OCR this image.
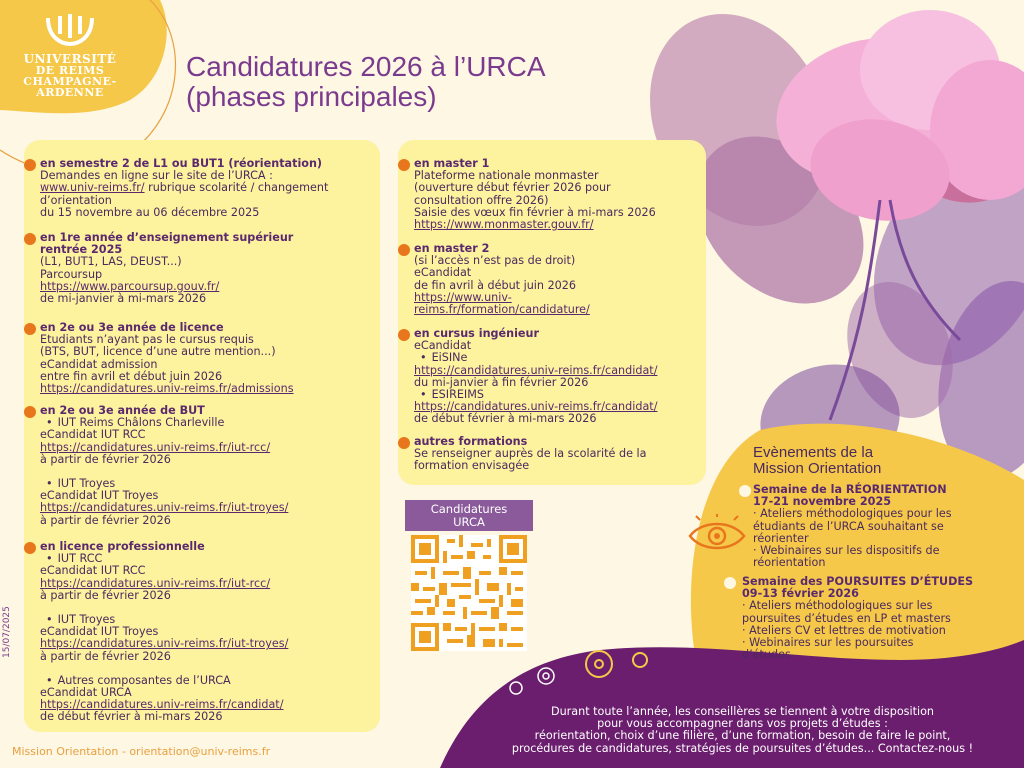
UNIVERSITÉ
DE REIMS
CHAMPAGNE-ARDENNE
Candidatures 2026 à l’URCA
(phases principales)
en semestre 2 de L1 ou BUT1 (réorientation)
Demandes en ligne sur le site de l’URCA :
www.univ-reims.fr/ rubrique scolarité / changement
d’orientation
du 15 novembre au 06 décembre 2025
en 1re année d’enseignement supérieur
rentrée 2025
(L1, BUT1, LAS, DEUST...)
Parcoursup
https://www.parcoursup.gouv.fr/
de mi-janvier à mi-mars 2026
en 2e ou 3e année de licence
Etudiants n’ayant pas le cursus requis
(BTS, BUT, licence d’une autre mention...)
eCandidat admission
entre fin avril et début juin 2026
https://candidatures.univ-reims.fr/admissions
en 2e ou 3e année de BUT
• IUT Reims Châlons Charleville
eCandidat IUT RCC
https://candidatures.univ-reims.fr/iut-rcc/
à partir de février 2026
• IUT Troyes
eCandidat IUT Troyes
https://candidatures.univ-reims.fr/iut-troyes/
à partir de février 2026
en licence professionnelle
• IUT RCC
eCandidat IUT RCC
https://candidatures.univ-reims.fr/iut-rcc/
à partir de février 2026
• IUT Troyes
eCandidat IUT Troyes
https://candidatures.univ-reims.fr/iut-troyes/
à partir de février 2026
• Autres composantes de l’URCA
eCandidat URCA
https://candidatures.univ-reims.fr/candidat/
de début février à mi-mars 2026
en master 1
Plateforme nationale monmaster
(ouverture début février 2026 pour
consultation offre 2026)
Saisie des vœux fin février à mi-mars 2026
https://www.monmaster.gouv.fr/
en master 2
(si l’accès n’est pas de droit)
eCandidat
de fin avril à début juin 2026
https://www.univ-
reims.fr/formation/candidature/
en cursus ingénieur
eCandidat
• EiSINe
https://candidatures.univ-reims.fr/candidat/
du mi-janvier à fin février 2026
• ESIREIMS
https://candidatures.univ-reims.fr/candidat/
de début février à mi-mars 2026
autres formations
Se renseigner auprès de la scolarité de la
formation envisagée
Candidatures
URCA
Evènements de la
Mission Orientation
Semaine de la RÉORIENTATION
17-21 novembre 2025
· Ateliers méthodologiques pour les
étudiants de l’URCA souhaitant se
réorienter
· Webinaires sur les dispositifs de
réorientation
Semaine des POURSUITES D’ÉTUDES
09-13 février 2026
· Ateliers méthodologiques sur les
poursuites d’études en LP et masters
· Ateliers CV et lettres de motivation
· Webinaires sur les poursuites
d’études
Durant toute l’année, les conseillères se tiennent à votre disposition
pour vous accompagner dans vos projets d’études :
réorientation, choix d’une filière, d’une formation, besoin de faire le point,
procédures de candidatures, stratégies de poursuites d’études... Contactez-nous !
15/07/2025
Mission Orientation - orientation@univ-reims.fr
